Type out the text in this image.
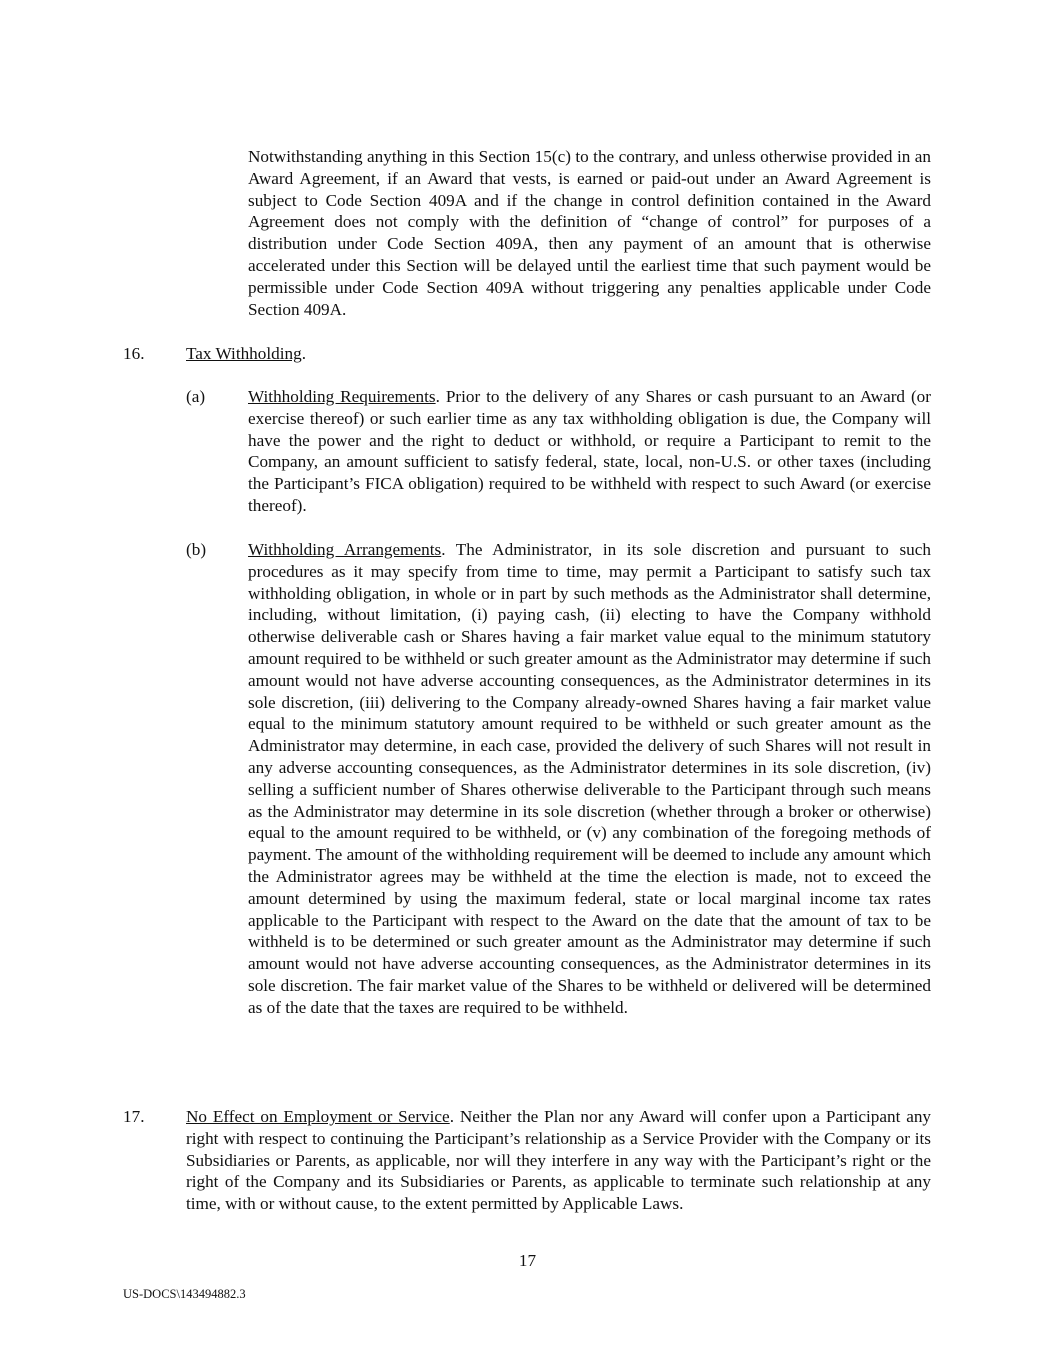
Notwithstanding anything in this Section 15(c) to the contrary, and unless otherwise provided in an Award Agreement, if an Award that vests, is earned or paid-out under an Award Agreement is subject to Code Section 409A and if the change in control definition contained in the Award Agreement does not comply with the definition of “change of control” for purposes of a distribution under Code Section 409A, then any payment of an amount that is otherwise accelerated under this Section will be delayed until the earliest time that such payment would be permissible under Code Section 409A without triggering any penalties applicable under Code Section 409A.

16. Tax Withholding.

(a) Withholding Requirements. Prior to the delivery of any Shares or cash pursuant to an Award (or exercise thereof) or such earlier time as any tax withholding obligation is due, the Company will have the power and the right to deduct or withhold, or require a Participant to remit to the Company, an amount sufficient to satisfy federal, state, local, non-U.S. or other taxes (including the Participant’s FICA obligation) required to be withheld with respect to such Award (or exercise thereof).

(b) Withholding Arrangements. The Administrator, in its sole discretion and pursuant to such procedures as it may specify from time to time, may permit a Participant to satisfy such tax withholding obligation, in whole or in part by such methods as the Administrator shall determine, including, without limitation, (i) paying cash, (ii) electing to have the Company withhold otherwise deliverable cash or Shares having a fair market value equal to the minimum statutory amount required to be withheld or such greater amount as the Administrator may determine if such amount would not have adverse accounting consequences, as the Administrator determines in its sole discretion, (iii) delivering to the Company already-owned Shares having a fair market value equal to the minimum statutory amount required to be withheld or such greater amount as the Administrator may determine, in each case, provided the delivery of such Shares will not result in any adverse accounting consequences, as the Administrator determines in its sole discretion, (iv) selling a sufficient number of Shares otherwise deliverable to the Participant through such means as the Administrator may determine in its sole discretion (whether through a broker or otherwise) equal to the amount required to be withheld, or (v) any combination of the foregoing methods of payment. The amount of the withholding requirement will be deemed to include any amount which the Administrator agrees may be withheld at the time the election is made, not to exceed the amount determined by using the maximum federal, state or local marginal income tax rates applicable to the Participant with respect to the Award on the date that the amount of tax to be withheld is to be determined or such greater amount as the Administrator may determine if such amount would not have adverse accounting consequences, as the Administrator determines in its sole discretion. The fair market value of the Shares to be withheld or delivered will be determined as of the date that the taxes are required to be withheld.

17. No Effect on Employment or Service. Neither the Plan nor any Award will confer upon a Participant any right with respect to continuing the Participant’s relationship as a Service Provider with the Company or its Subsidiaries or Parents, as applicable, nor will they interfere in any way with the Participant’s right or the right of the Company and its Subsidiaries or Parents, as applicable to terminate such relationship at any time, with or without cause, to the extent permitted by Applicable Laws.

17

US-DOCS\143494882.3
